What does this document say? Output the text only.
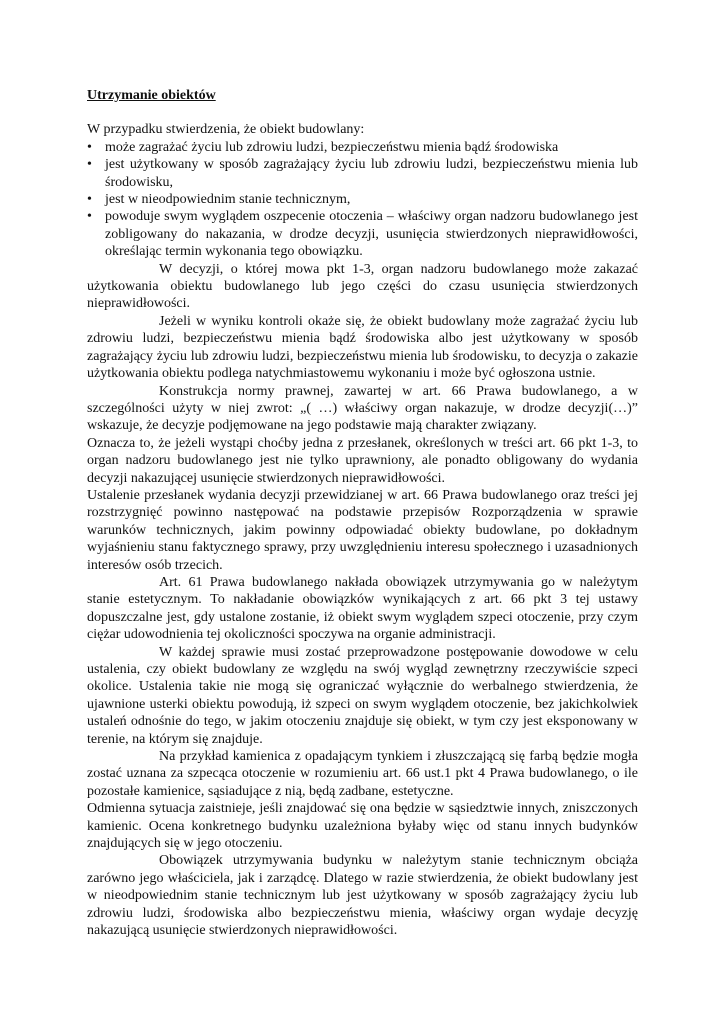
Utrzymanie obiektów

W przypadku stwierdzenia, że obiekt budowlany:

• może zagrażać życiu lub zdrowiu ludzi, bezpieczeństwu mienia bądź środowiska
• jest użytkowany w sposób zagrażający życiu lub zdrowiu ludzi, bezpieczeństwu mienia lub środowisku,
• jest w nieodpowiednim stanie technicznym,
• powoduje swym wyglądem oszpecenie otoczenia – właściwy organ nadzoru budowlanego jest zobligowany do nakazania, w drodze decyzji, usunięcia stwierdzonych nieprawidłowości, określając termin wykonania tego obowiązku.

W decyzji, o której mowa pkt 1-3, organ nadzoru budowlanego może zakazać użytkowania obiektu budowlanego lub jego części do czasu usunięcia stwierdzonych nieprawidłowości.

Jeżeli w wyniku kontroli okaże się, że obiekt budowlany może zagrażać życiu lub zdrowiu ludzi, bezpieczeństwu mienia bądź środowiska albo jest użytkowany w sposób zagrażający życiu lub zdrowiu ludzi, bezpieczeństwu mienia lub środowisku, to decyzja o zakazie użytkowania obiektu podlega natychmiastowemu wykonaniu i może być ogłoszona ustnie.

Konstrukcja normy prawnej, zawartej w art. 66 Prawa budowlanego, a w szczególności użyty w niej zwrot: „( …) właściwy organ nakazuje, w drodze decyzji(…)” wskazuje, że decyzje podjęmowane na jego podstawie mają charakter związany.

Oznacza to, że jeżeli wystąpi choćby jedna z przesłanek, określonych w treści art. 66 pkt 1-3, to organ nadzoru budowlanego jest nie tylko uprawniony, ale ponadto obligowany do wydania decyzji nakazującej usunięcie stwierdzonych nieprawidłowości.

Ustalenie przesłanek wydania decyzji przewidzianej w art. 66 Prawa budowlanego oraz treści jej rozstrzygnięć powinno następować na podstawie przepisów Rozporządzenia w sprawie warunków technicznych, jakim powinny odpowiadać obiekty budowlane, po dokładnym wyjaśnieniu stanu faktycznego sprawy, przy uwzględnieniu interesu społecznego i uzasadnionych interesów osób trzecich.

Art. 61 Prawa budowlanego nakłada obowiązek utrzymywania go w należytym stanie estetycznym. To nakładanie obowiązków wynikających z art. 66 pkt 3 tej ustawy dopuszczalne jest, gdy ustalone zostanie, iż obiekt swym wyglądem szpeci otoczenie, przy czym ciężar udowodnienia tej okoliczności spoczywa na organie administracji.

W każdej sprawie musi zostać przeprowadzone postępowanie dowodowe w celu ustalenia, czy obiekt budowlany ze względu na swój wygląd zewnętrzny rzeczywiście szpeci okolice. Ustalenia takie nie mogą się ograniczać wyłącznie do werbalnego stwierdzenia, że ujawnione usterki obiektu powodują, iż szpeci on swym wyglądem otoczenie, bez jakichkolwiek ustaleń odnośnie do tego, w jakim otoczeniu znajduje się obiekt, w tym czy jest eksponowany w terenie, na którym się znajduje.

Na przykład kamienica z opadającym tynkiem i złuszczającą się farbą będzie mogła zostać uznana za szpecąca otoczenie w rozumieniu art. 66 ust.1 pkt 4 Prawa budowlanego, o ile pozostałe kamienice, sąsiadujące z nią, będą zadbane, estetyczne.

Odmienna sytuacja zaistnieje, jeśli znajdować się ona będzie w sąsiedztwie innych, zniszczonych kamienic. Ocena konkretnego budynku uzależniona byłaby więc od stanu innych budynków znajdujących się w jego otoczeniu.

Obowiązek utrzymywania budynku w należytym stanie technicznym obciąża zarówno jego właściciela, jak i zarządcę. Dlatego w razie stwierdzenia, że obiekt budowlany jest w nieodpowiednim stanie technicznym lub jest użytkowany w sposób zagrażający życiu lub zdrowiu ludzi, środowiska albo bezpieczeństwu mienia, właściwy organ wydaje decyzję nakazującą usunięcie stwierdzonych nieprawidłowości.
